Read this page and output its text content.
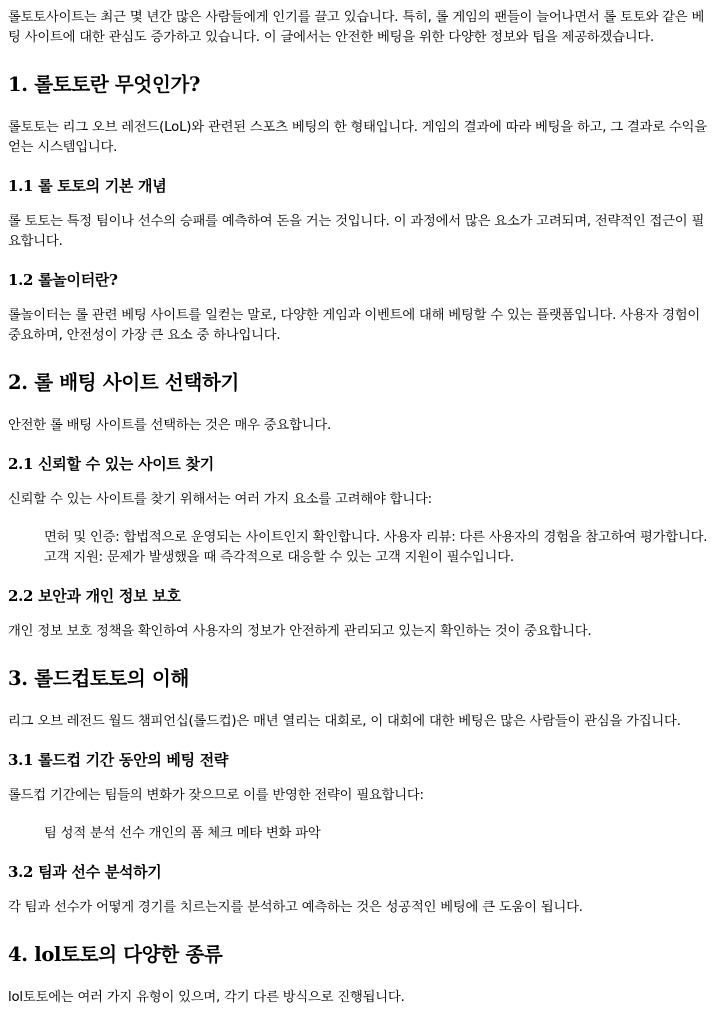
롤토토사이트는 최근 몇 년간 많은 사람들에게 인기를 끌고 있습니다. 특히, 롤 게임의 팬들이 늘어나면서 롤 토토와 같은 베팅 사이트에 대한 관심도 증가하고 있습니다. 이 글에서는 안전한 베팅을 위한 다양한 정보와 팁을 제공하겠습니다.

1. 롤토토란 무엇인가?

롤토토는 리그 오브 레전드(LoL)와 관련된 스포츠 베팅의 한 형태입니다. 게임의 결과에 따라 베팅을 하고, 그 결과로 수익을 얻는 시스템입니다.

1.1 롤 토토의 기본 개념

롤 토토는 특정 팀이나 선수의 승패를 예측하여 돈을 거는 것입니다. 이 과정에서 많은 요소가 고려되며, 전략적인 접근이 필요합니다.

1.2 롤놀이터란?

롤놀이터는 롤 관련 베팅 사이트를 일컫는 말로, 다양한 게임과 이벤트에 대해 베팅할 수 있는 플랫폼입니다. 사용자 경험이 중요하며, 안전성이 가장 큰 요소 중 하나입니다.

2. 롤 배팅 사이트 선택하기

안전한 롤 배팅 사이트를 선택하는 것은 매우 중요합니다.

2.1 신뢰할 수 있는 사이트 찾기

신뢰할 수 있는 사이트를 찾기 위해서는 여러 가지 요소를 고려해야 합니다:

면허 및 인증: 합법적으로 운영되는 사이트인지 확인합니다. 사용자 리뷰: 다른 사용자의 경험을 참고하여 평가합니다. 고객 지원: 문제가 발생했을 때 즉각적으로 대응할 수 있는 고객 지원이 필수입니다.

2.2 보안과 개인 정보 보호

개인 정보 보호 정책을 확인하여 사용자의 정보가 안전하게 관리되고 있는지 확인하는 것이 중요합니다.

3. 롤드컵토토의 이해

리그 오브 레전드 월드 챔피언십(롤드컵)은 매년 열리는 대회로, 이 대회에 대한 베팅은 많은 사람들이 관심을 가집니다.

3.1 롤드컵 기간 동안의 베팅 전략

롤드컵 기간에는 팀들의 변화가 잦으므로 이를 반영한 전략이 필요합니다:

팀 성적 분석 선수 개인의 폼 체크 메타 변화 파악

3.2 팀과 선수 분석하기

각 팀과 선수가 어떻게 경기를 치르는지를 분석하고 예측하는 것은 성공적인 베팅에 큰 도움이 됩니다.

4. lol토토의 다양한 종류

lol토토에는 여러 가지 유형이 있으며, 각기 다른 방식으로 진행됩니다.
